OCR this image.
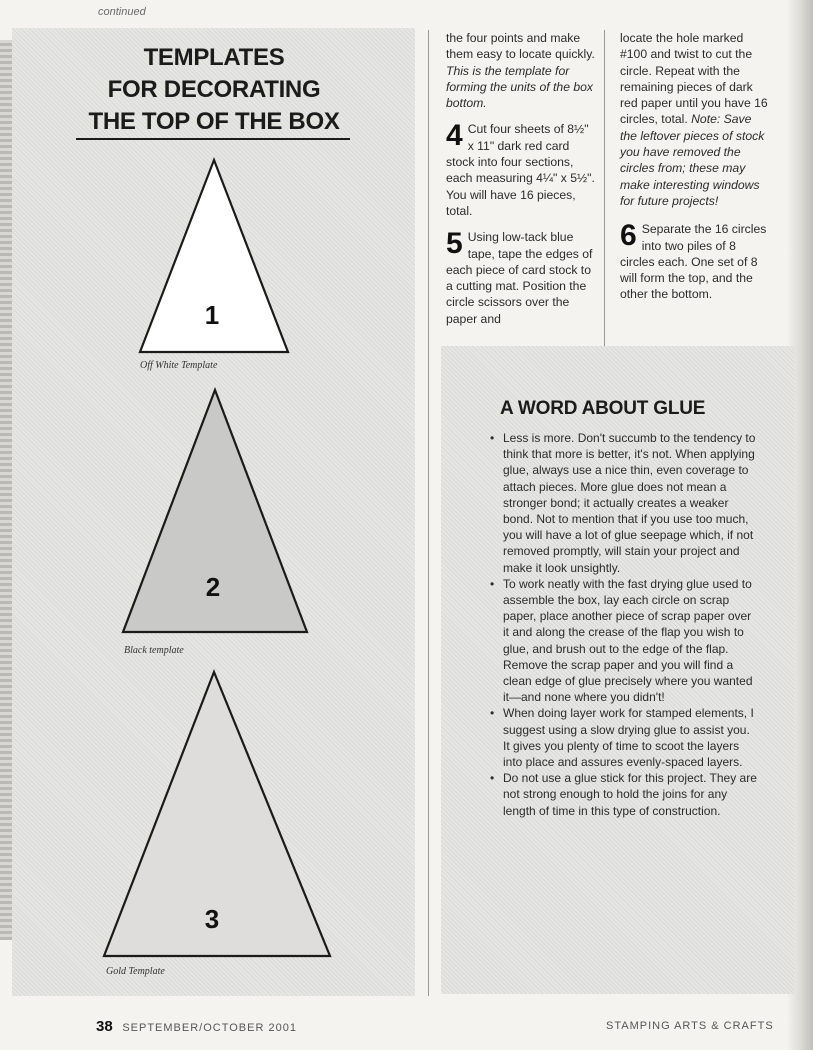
continued
TEMPLATES
FOR DECORATING
THE TOP OF THE BOX
1
Off White Template
2
Black template
3
Gold Template

the four points and make them easy to locate quickly. This is the template for forming the units of the box bottom.

4 Cut four sheets of 8½" x 11" dark red card stock into four sections, each measuring 4¼" x 5½". You will have 16 pieces, total.

5 Using low-tack blue tape, tape the edges of each piece of card stock to a cutting mat. Position the circle scissors over the paper and

locate the hole marked #100 and twist to cut the circle. Repeat with the remaining pieces of dark red paper until you have 16 circles, total. Note: Save the leftover pieces of stock you have removed the circles from; these may make interesting windows for future projects!

6 Separate the 16 circles into two piles of 8 circles each. One set of 8 will form the top, and the other the bottom.

A WORD ABOUT GLUE
• Less is more. Don't succumb to the tendency to think that more is better, it's not. When applying glue, always use a nice thin, even coverage to attach pieces. More glue does not mean a stronger bond; it actually creates a weaker bond. Not to mention that if you use too much, you will have a lot of glue seepage which, if not removed promptly, will stain your project and make it look unsightly.
• To work neatly with the fast drying glue used to assemble the box, lay each circle on scrap paper, place another piece of scrap paper over it and along the crease of the flap you wish to glue, and brush out to the edge of the flap. Remove the scrap paper and you will find a clean edge of glue precisely where you wanted it—and none where you didn't!
• When doing layer work for stamped elements, I suggest using a slow drying glue to assist you. It gives you plenty of time to scoot the layers into place and assures evenly-spaced layers.
• Do not use a glue stick for this project. They are not strong enough to hold the joins for any length of time in this type of construction.
38 SEPTEMBER/OCTOBER 2001	STAMPING ARTS & CRAFTS
